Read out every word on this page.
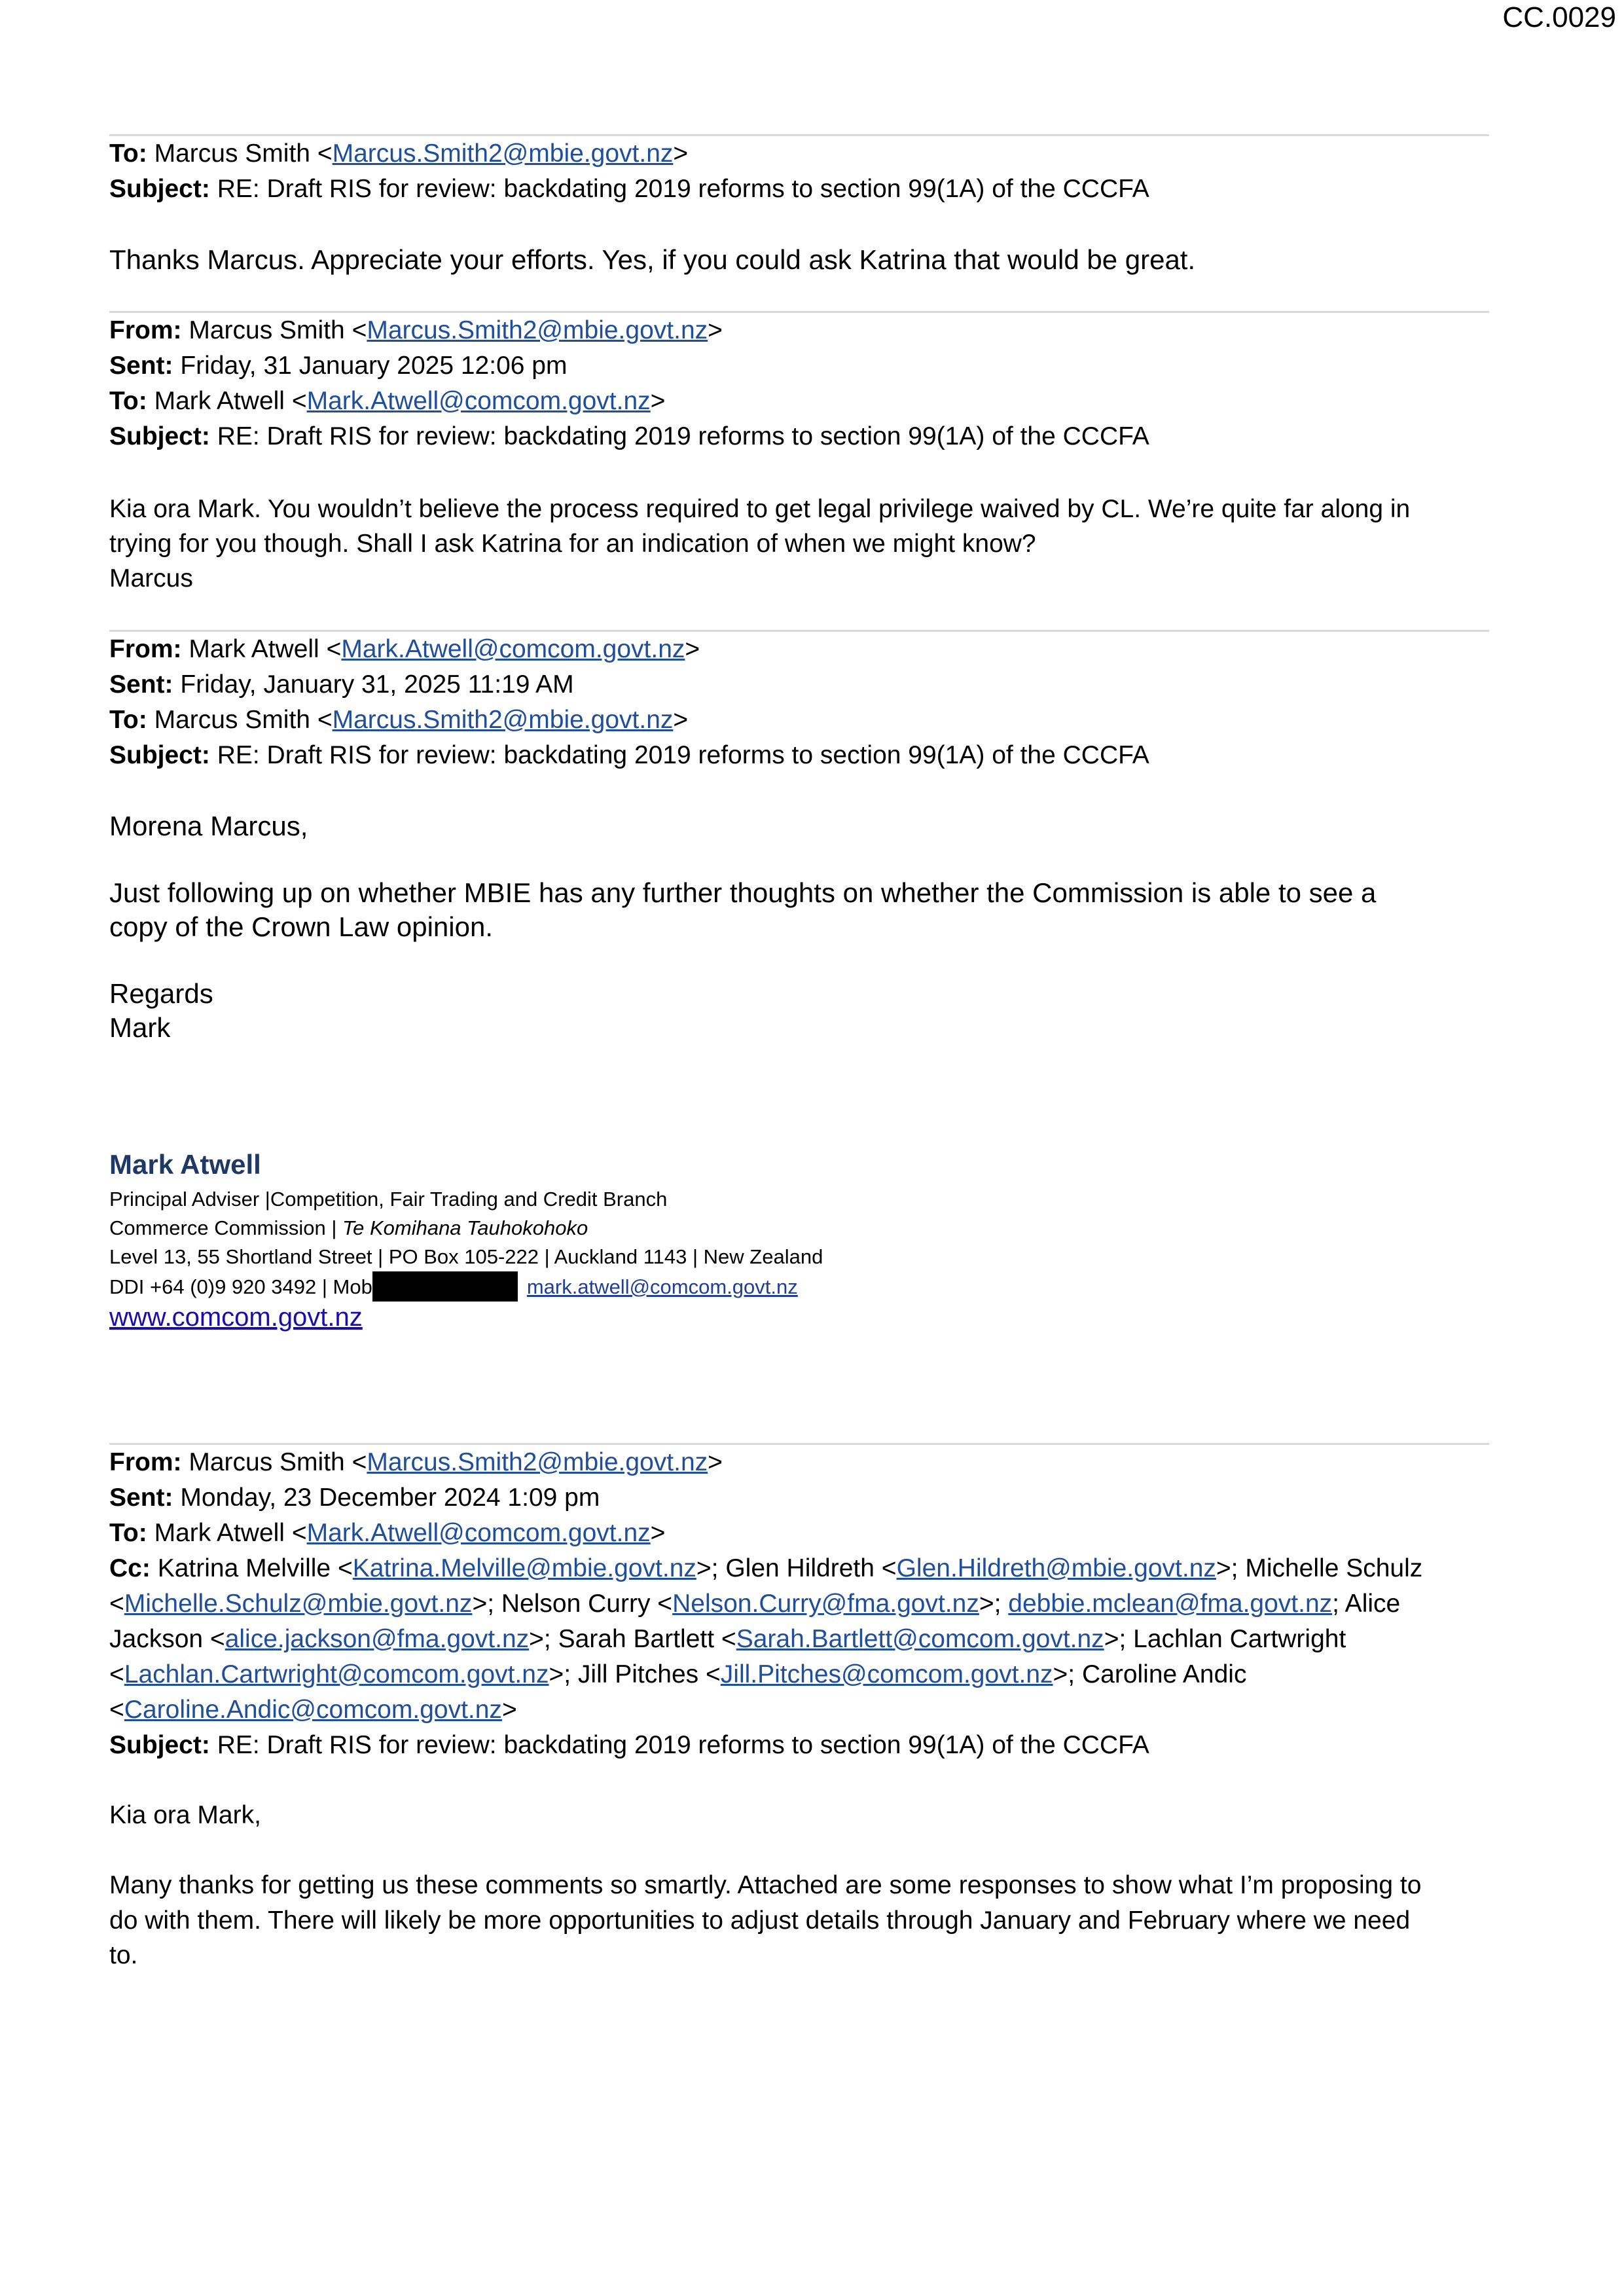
CC.0029
To: Marcus Smith <Marcus.Smith2@mbie.govt.nz>
Subject: RE: Draft RIS for review: backdating 2019 reforms to section 99(1A) of the CCCFA
Thanks Marcus. Appreciate your efforts. Yes, if you could ask Katrina that would be great.
From: Marcus Smith <Marcus.Smith2@mbie.govt.nz>
Sent: Friday, 31 January 2025 12:06 pm
To: Mark Atwell <Mark.Atwell@comcom.govt.nz>
Subject: RE: Draft RIS for review: backdating 2019 reforms to section 99(1A) of the CCCFA
Kia ora Mark. You wouldn’t believe the process required to get legal privilege waived by CL. We’re quite far along in
trying for you though. Shall I ask Katrina for an indication of when we might know?
Marcus
From: Mark Atwell <Mark.Atwell@comcom.govt.nz>
Sent: Friday, January 31, 2025 11:19 AM
To: Marcus Smith <Marcus.Smith2@mbie.govt.nz>
Subject: RE: Draft RIS for review: backdating 2019 reforms to section 99(1A) of the CCCFA
Morena Marcus,
Just following up on whether MBIE has any further thoughts on whether the Commission is able to see a
copy of the Crown Law opinion.
Regards
Mark
Mark Atwell
Principal Adviser |Competition, Fair Trading and Credit Branch
Commerce Commission | Te Komihana Tauhokohoko
Level 13, 55 Shortland Street | PO Box 105-222 | Auckland 1143 | New Zealand
DDI +64 (0)9 920 3492 | Mob	mark.atwell@comcom.govt.nz
www.comcom.govt.nz
From: Marcus Smith <Marcus.Smith2@mbie.govt.nz>
Sent: Monday, 23 December 2024 1:09 pm
To: Mark Atwell <Mark.Atwell@comcom.govt.nz>
Cc: Katrina Melville <Katrina.Melville@mbie.govt.nz>; Glen Hildreth <Glen.Hildreth@mbie.govt.nz>; Michelle Schulz
<Michelle.Schulz@mbie.govt.nz>; Nelson Curry <Nelson.Curry@fma.govt.nz>; debbie.mclean@fma.govt.nz; Alice
Jackson <alice.jackson@fma.govt.nz>; Sarah Bartlett <Sarah.Bartlett@comcom.govt.nz>; Lachlan Cartwright
<Lachlan.Cartwright@comcom.govt.nz>; Jill Pitches <Jill.Pitches@comcom.govt.nz>; Caroline Andic
<Caroline.Andic@comcom.govt.nz>
Subject: RE: Draft RIS for review: backdating 2019 reforms to section 99(1A) of the CCCFA
Kia ora Mark,
Many thanks for getting us these comments so smartly. Attached are some responses to show what I’m proposing to
do with them. There will likely be more opportunities to adjust details through January and February where we need
to.
